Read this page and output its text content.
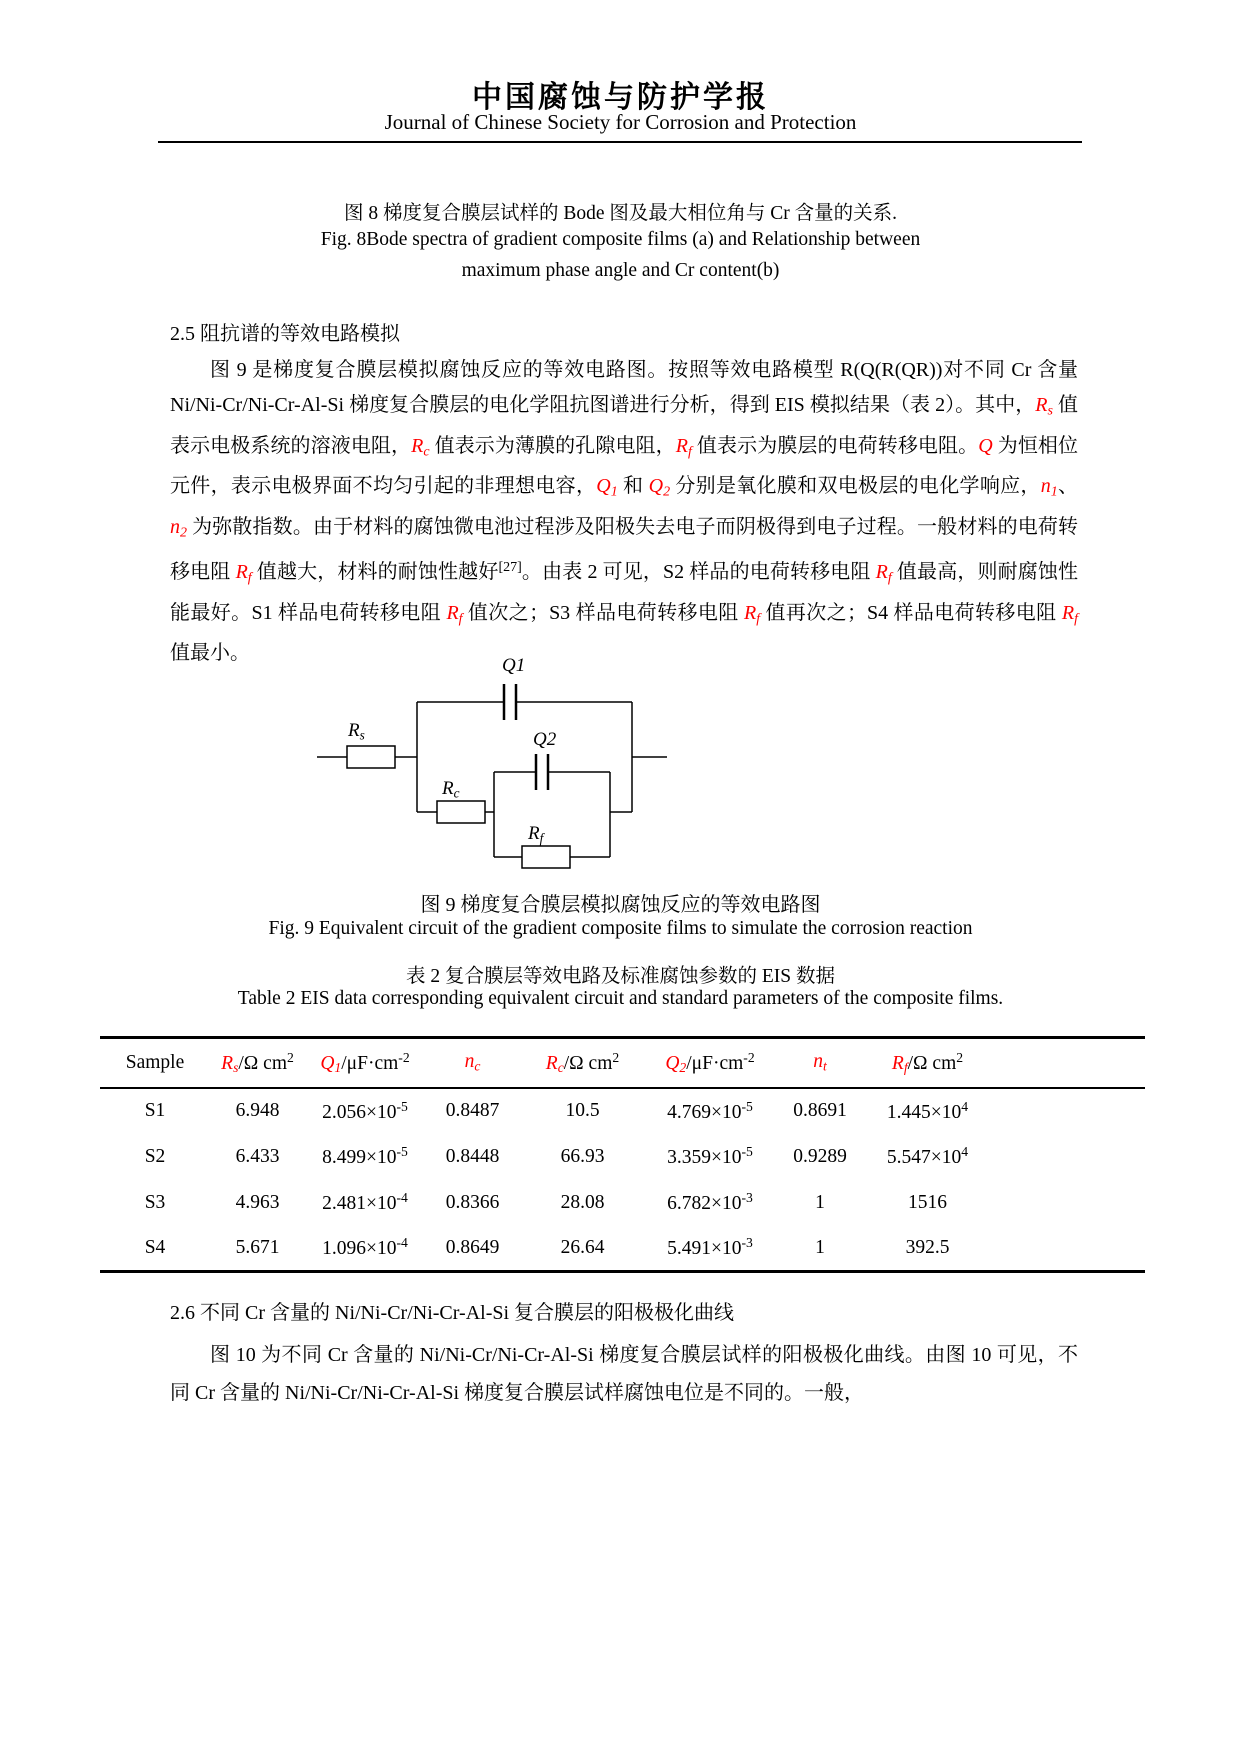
中国腐蚀与防护学报
Journal of Chinese Society for Corrosion and Protection
图 8 梯度复合膜层试样的 Bode 图及最大相位角与 Cr 含量的关系.
Fig. 8Bode spectra of gradient composite films (a) and Relationship between
maximum phase angle and Cr content(b)
2.5 阻抗谱的等效电路模拟

图 9 是梯度复合膜层模拟腐蚀反应的等效电路图。按照等效电路模型 R(Q(R(QR))对不同 Cr 含量 Ni/Ni-Cr/Ni-Cr-Al-Si 梯度复合膜层的电化学阻抗图谱进行分析，得到 EIS 模拟结果（表 2）。其中，Rs 值表示电极系统的溶液电阻，Rc 值表示为薄膜的孔隙电阻，Rf 值表示为膜层的电荷转移电阻。Q 为恒相位元件，表示电极界面不均匀引起的非理想电容，Q1 和 Q2 分别是氧化膜和双电极层的电化学响应，n1、n2 为弥散指数。由于材料的腐蚀微电池过程涉及阳极失去电子而阴极得到电子过程。一般材料的电荷转移电阻 Rf 值越大，材料的耐蚀性越好[27]。由表 2 可见，S2 样品的电荷转移电阻 Rf 值最高，则耐腐蚀性能最好。S1 样品电荷转移电阻 Rf 值次之；S3 样品电荷转移电阻 Rf 值再次之；S4 样品电荷转移电阻 Rf 值最小。

Rs
Q1
Q2
Rc
Rf
图 9 梯度复合膜层模拟腐蚀反应的等效电路图
Fig. 9 Equivalent circuit of the gradient composite films to simulate the corrosion reaction
表 2 复合膜层等效电路及标准腐蚀参数的 EIS 数据
Table 2 EIS data corresponding equivalent circuit and standard parameters of the composite films.
Sample	Rs/Ω $cm^2$	$Q1/\mu F\cdot cm^{-2}$	nc	Rc/Ω $cm^2$	$Q2/\mu F\cdot cm^{-2}$	nt	Rf/Ω $cm^2$	
S1	6.948	$2.056\times 10^{-5}$	0.8487	10.5	$4.769\times 10^{-5}$	0.8691	$1.445\times 10^4$	
S2	6.433	$8.499\times 10^{-5}$	0.8448	66.93	$3.359\times 10^{-5}$	0.9289	$5.547\times 10^4$	
S3	4.963	$2.481\times 10^{-4}$	0.8366	28.08	$6.782\times 10^{-3}$	1	1516	
S4	5.671	$1.096\times 10^{-4}$	0.8649	26.64	$5.491\times 10^{-3}$	1	392.5	
2.6 不同 Cr 含量的 Ni/Ni-Cr/Ni-Cr-Al-Si 复合膜层的阳极极化曲线

图 10 为不同 Cr 含量的 Ni/Ni-Cr/Ni-Cr-Al-Si 梯度复合膜层试样的阳极极化曲线。由图 10 可见，不同 Cr 含量的 Ni/Ni-Cr/Ni-Cr-Al-Si 梯度复合膜层试样腐蚀电位是不同的。一般，
